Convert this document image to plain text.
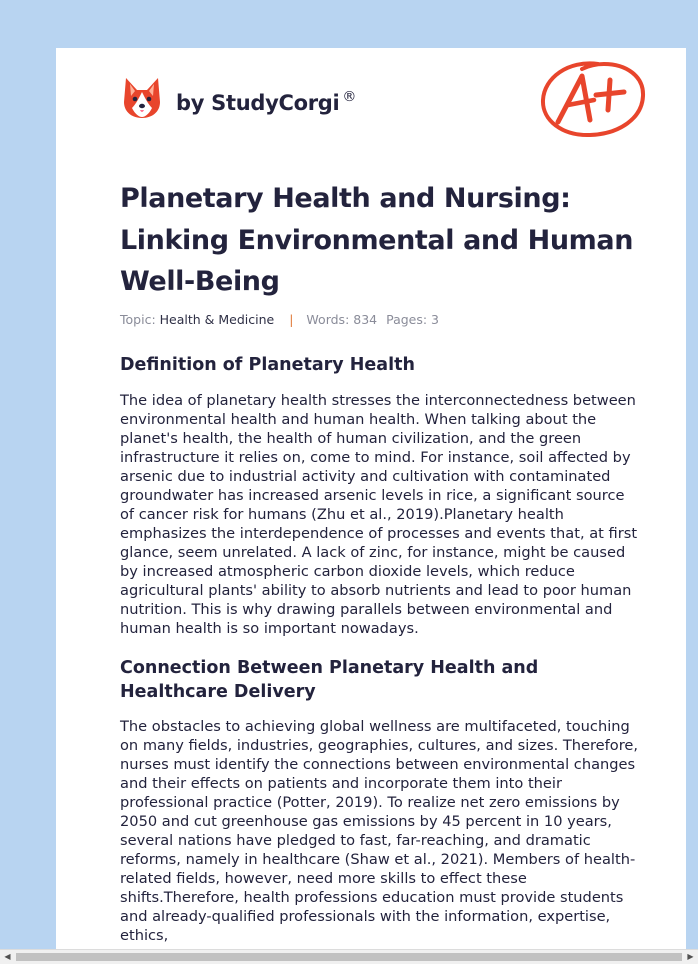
by StudyCorgi ®
Planetary Health and Nursing: Linking Environmental and Human Well-Being
Topic: Health & Medicine | Words: 834 Pages: 3
Definition of Planetary Health

The idea of planetary health stresses the interconnectedness between environmental health and human health. When talking about the planet's health, the health of human civilization, and the green infrastructure it relies on, come to mind. For instance, soil affected by arsenic due to industrial activity and cultivation with contaminated groundwater has increased arsenic levels in rice, a significant source of cancer risk for humans (Zhu et al., 2019).Planetary health emphasizes the interdependence of processes and events that, at first glance, seem unrelated. A lack of zinc, for instance, might be caused by increased atmospheric carbon dioxide levels, which reduce agricultural plants' ability to absorb nutrients and lead to poor human nutrition. This is why drawing parallels between environmental and human health is so important nowadays.

Connection Between Planetary Health and Healthcare Delivery

The obstacles to achieving global wellness are multifaceted, touching on many fields, industries, geographies, cultures, and sizes. Therefore, nurses must identify the connections between environmental changes and their effects on patients and incorporate them into their professional practice (Potter, 2019). To realize net zero emissions by 2050 and cut greenhouse gas emissions by 45 percent in 10 years, several nations have pledged to fast, far-reaching, and dramatic reforms, namely in healthcare (Shaw et al., 2021). Members of health-related fields, however, need more skills to effect these shifts.Therefore, health professions education must provide students and already-qualified professionals with the information, expertise, ethics,

◀	▶
